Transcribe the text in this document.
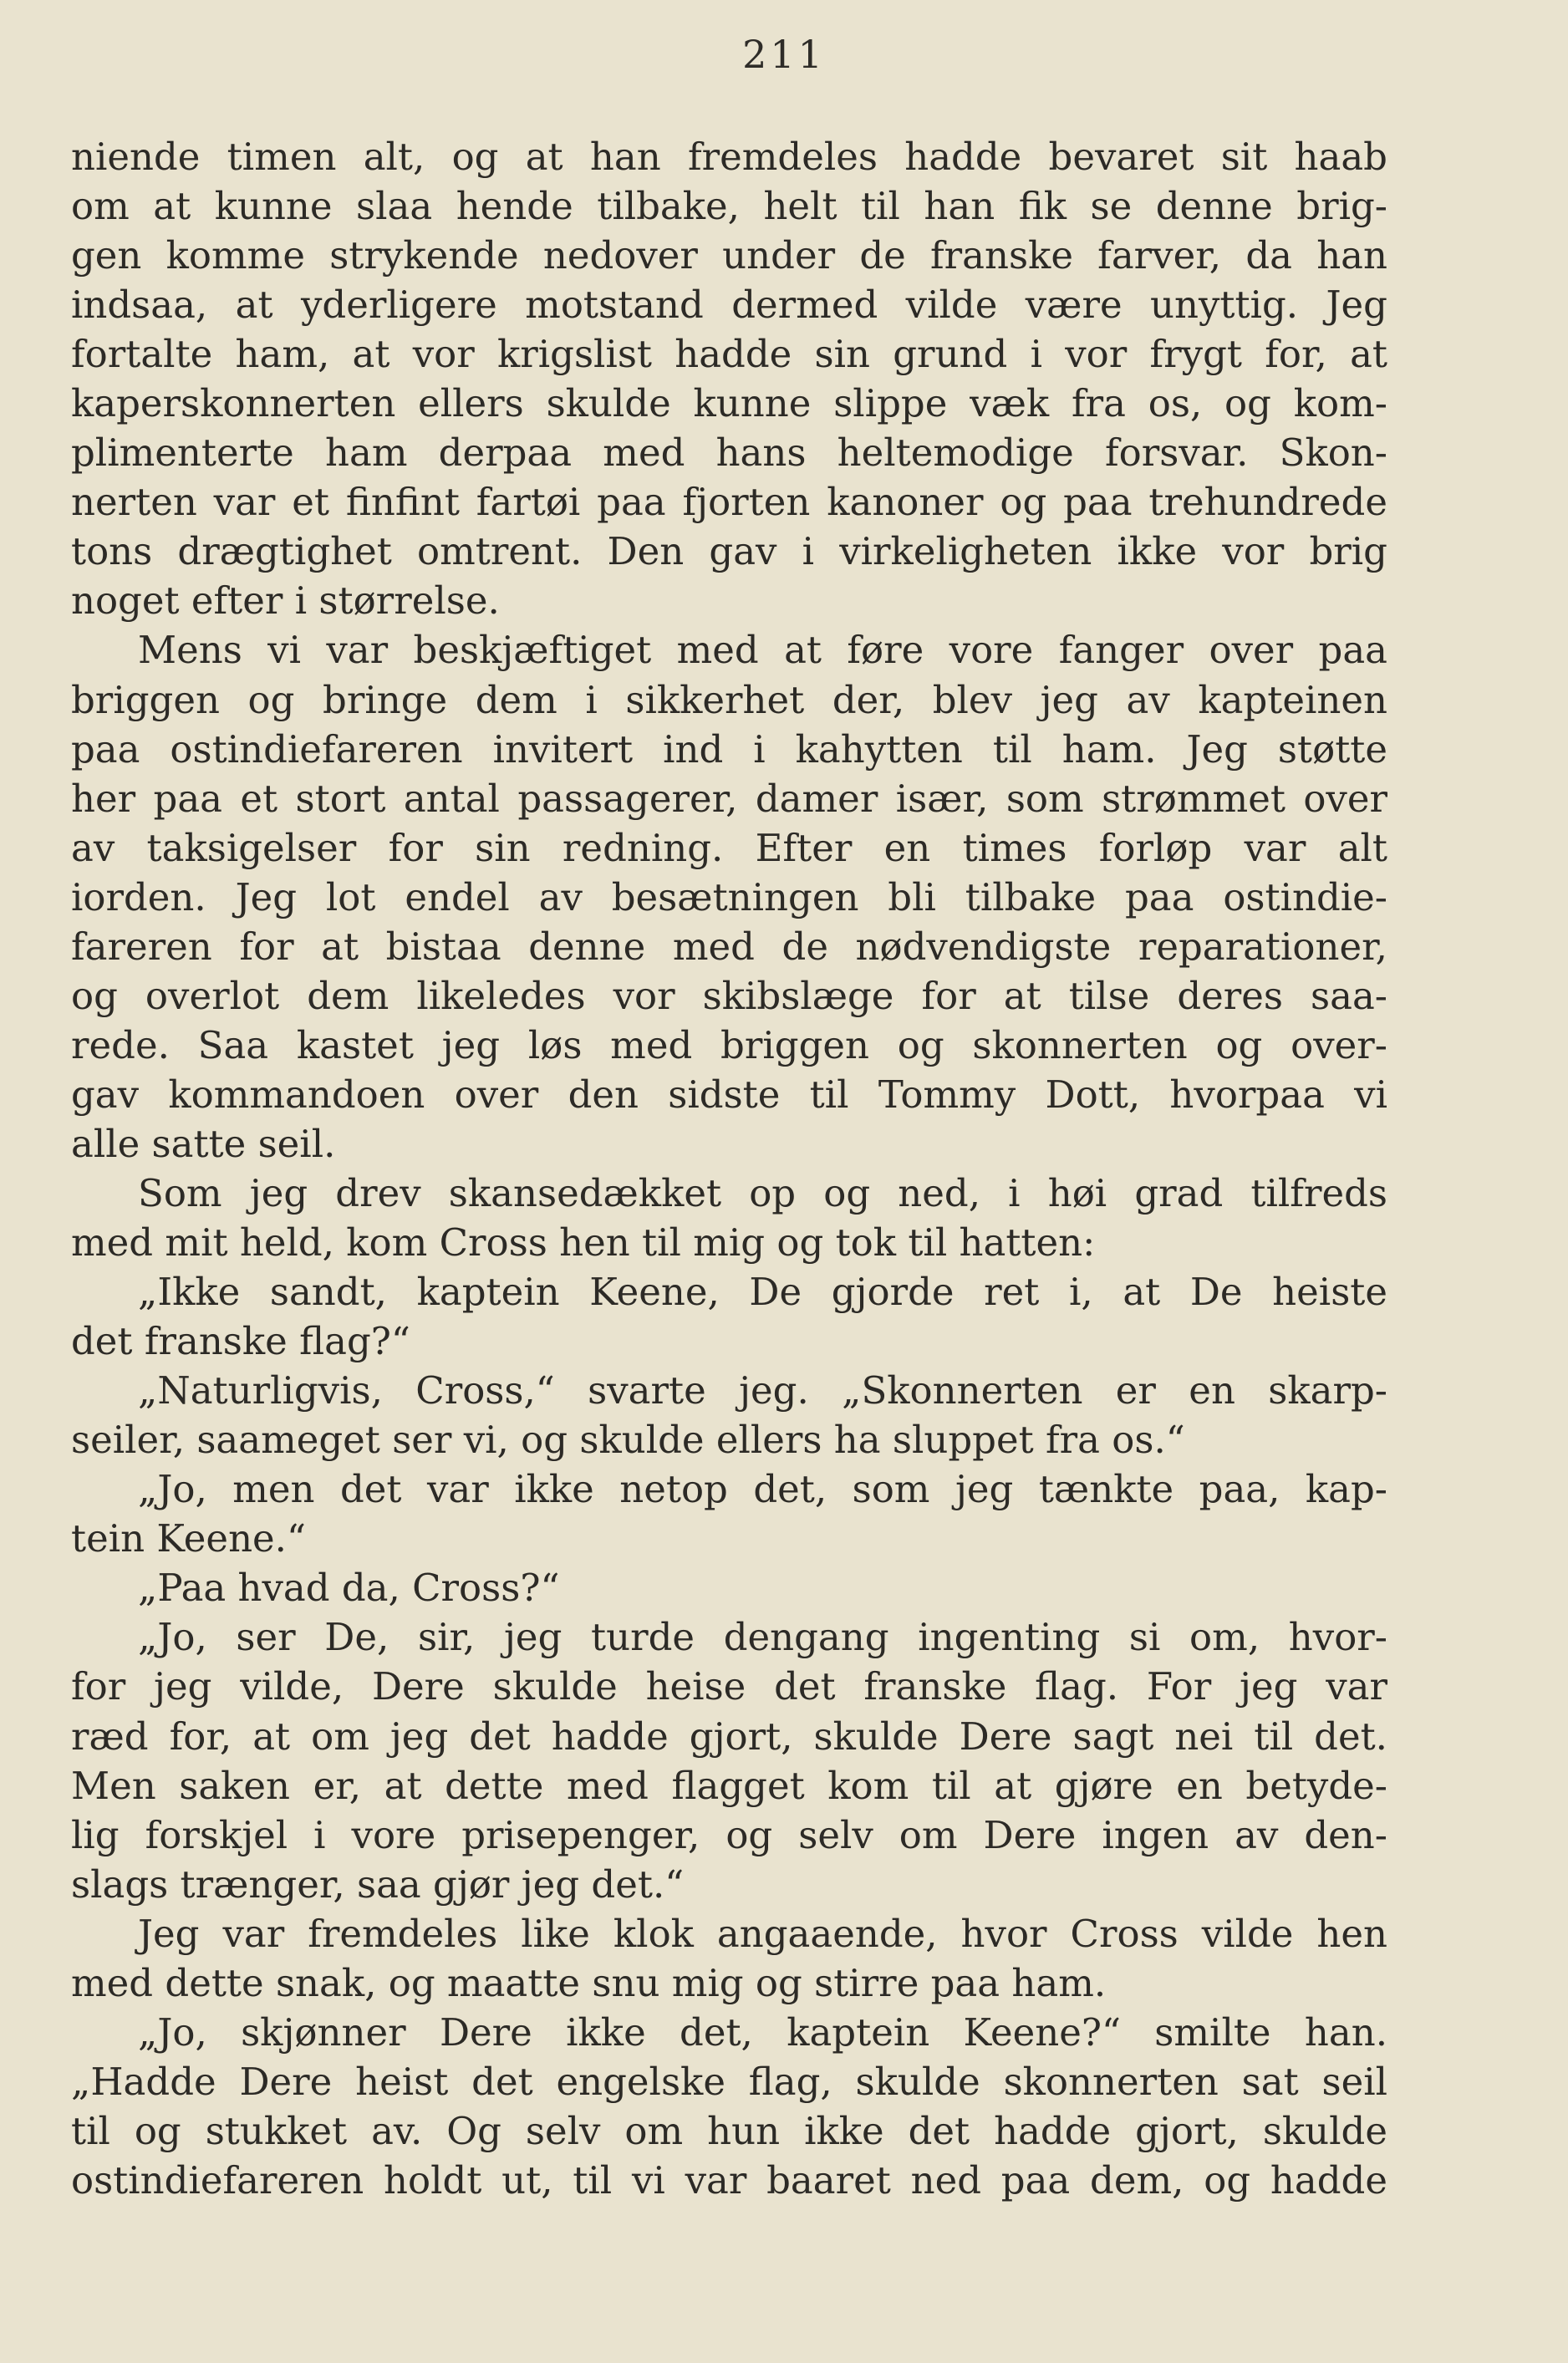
211
niende timen alt, og at han fremdeles hadde bevaret sit haab
om at kunne slaa hende tilbake, helt til han fik se denne brig-
gen komme strykende nedover under de franske farver, da han
indsaa, at yderligere motstand dermed vilde være unyttig. Jeg
fortalte ham, at vor krigslist hadde sin grund i vor frygt for, at
kaperskonnerten ellers skulde kunne slippe væk fra os, og kom-
plimenterte ham derpaa med hans heltemodige forsvar. Skon-
nerten var et finfint fartøi paa fjorten kanoner og paa trehundrede
tons drægtighet omtrent. Den gav i virkeligheten ikke vor brig
noget efter i størrelse.
Mens vi var beskjæftiget med at føre vore fanger over paa
briggen og bringe dem i sikkerhet der, blev jeg av kapteinen
paa ostindiefareren invitert ind i kahytten til ham. Jeg støtte
her paa et stort antal passagerer, damer især, som strømmet over
av taksigelser for sin redning. Efter en times forløp var alt
iorden. Jeg lot endel av besætningen bli tilbake paa ostindie-
fareren for at bistaa denne med de nødvendigste reparationer,
og overlot dem likeledes vor skibslæge for at tilse deres saa-
rede. Saa kastet jeg løs med briggen og skonnerten og over-
gav kommandoen over den sidste til Tommy Dott, hvorpaa vi
alle satte seil.
Som jeg drev skansedækket op og ned, i høi grad tilfreds
med mit held, kom Cross hen til mig og tok til hatten:
„Ikke sandt, kaptein Keene, De gjorde ret i, at De heiste
det franske flag?“
„Naturligvis, Cross,“ svarte jeg. „Skonnerten er en skarp-
seiler, saameget ser vi, og skulde ellers ha sluppet fra os.“
„Jo, men det var ikke netop det, som jeg tænkte paa, kap-
tein Keene.“
„Paa hvad da, Cross?“
„Jo, ser De, sir, jeg turde dengang ingenting si om, hvor-
for jeg vilde, Dere skulde heise det franske flag. For jeg var
ræd for, at om jeg det hadde gjort, skulde Dere sagt nei til det.
Men saken er, at dette med flagget kom til at gjøre en betyde-
lig forskjel i vore prisepenger, og selv om Dere ingen av den-
slags trænger, saa gjør jeg det.“
Jeg var fremdeles like klok angaaende, hvor Cross vilde hen
med dette snak, og maatte snu mig og stirre paa ham.
„Jo, skjønner Dere ikke det, kaptein Keene?“ smilte han.
„Hadde Dere heist det engelske flag, skulde skonnerten sat seil
til og stukket av. Og selv om hun ikke det hadde gjort, skulde
ostindiefareren holdt ut, til vi var baaret ned paa dem, og hadde
